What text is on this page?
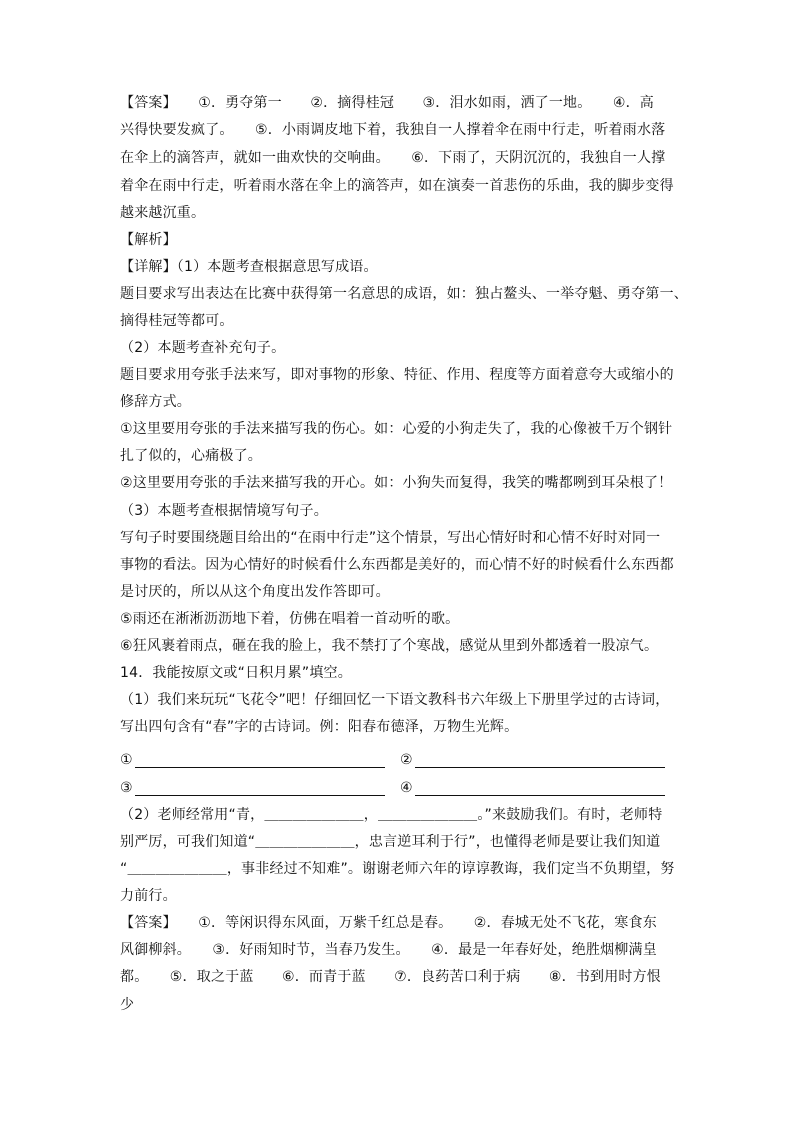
【答案】　　①．勇夺第一　　②．摘得桂冠　　③．泪水如雨，洒了一地。　　④．高
兴得快要发疯了。　　⑤．小雨调皮地下着，我独自一人撑着伞在雨中行走，听着雨水落
在伞上的滴答声，就如一曲欢快的交响曲。　　⑥．下雨了，天阴沉沉的，我独自一人撑
着伞在雨中行走，听着雨水落在伞上的滴答声，如在演奏一首悲伤的乐曲，我的脚步变得
越来越沉重。
【解析】
【详解】（1）本题考查根据意思写成语。
题目要求写出表达在比赛中获得第一名意思的成语，如：独占鳌头、一举夺魁、勇夺第一、
摘得桂冠等都可。
（2）本题考查补充句子。
题目要求用夸张手法来写，即对事物的形象、特征、作用、程度等方面着意夸大或缩小的
修辞方式。
①这里要用夸张的手法来描写我的伤心。如：心爱的小狗走失了，我的心像被千万个钢针
扎了似的，心痛极了。
②这里要用夸张的手法来描写我的开心。如：小狗失而复得，我笑的嘴都咧到耳朵根了！
（3）本题考查根据情境写句子。
写句子时要围绕题目给出的“在雨中行走”这个情景，写出心情好时和心情不好时对同一
事物的看法。因为心情好的时候看什么东西都是美好的，而心情不好的时候看什么东西都
是讨厌的，所以从这个角度出发作答即可。
⑤雨还在淅淅沥沥地下着，仿佛在唱着一首动听的歌。
⑥狂风裹着雨点，砸在我的脸上，我不禁打了个寒战，感觉从里到外都透着一股凉气。
14．我能按原文或“日积月累”填空。
（1）我们来玩玩“飞花令”吧！仔细回忆一下语文教科书六年级上下册里学过的古诗词，
写出四句含有“春”字的古诗词。例：阳春布德泽，万物生光辉。
①	②
③	④
（2）老师经常用“青，＿＿＿＿＿＿＿，＿＿＿＿＿＿＿。”来鼓励我们。有时，老师特
别严厉，可我们知道“＿＿＿＿＿＿＿，忠言逆耳利于行”，也懂得老师是要让我们知道
“＿＿＿＿＿＿＿，事非经过不知难”。谢谢老师六年的谆谆教诲，我们定当不负期望，努
力前行。
【答案】　　①．等闲识得东风面，万紫千红总是春。　　②．春城无处不飞花，寒食东
风御柳斜。　　③．好雨知时节，当春乃发生。　　④．最是一年春好处，绝胜烟柳满皇
都。　　⑤．取之于蓝　　⑥．而青于蓝　　⑦．良药苦口利于病　　⑧．书到用时方恨
少
